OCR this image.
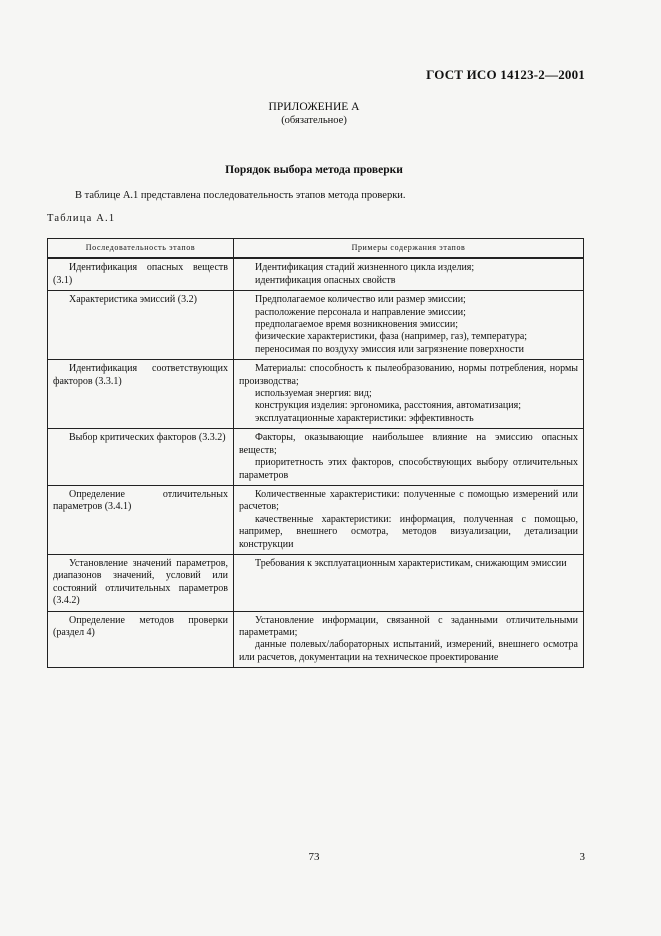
ГОСТ ИСО 14123-2—2001
ПРИЛОЖЕНИЕ А
(обязательное)
Порядок выбора метода проверки
В таблице А.1 представлена последовательность этапов метода проверки.
Таблица А.1
Последовательность этапов	Примеры содержания этапов
Идентификация опасных веществ (3.1)	Идентификация стадий жизненного цикла изделия;
идентификация опасных свойств

Характеристика эмиссий (3.2)	Предполагаемое количество или размер эмиссии;
расположение персонала и направление эмиссии;
предполагаемое время возникновения эмиссии;
физические характеристики, фаза (например, газ), температура;
переносимая по воздуху эмиссия или загрязнение поверхности

Идентификация соответствующих факторов (3.3.1)	Материалы: способность к пылеобразованию, нормы потребления, нормы производства;
используемая энергия: вид;
конструкция изделия: эргономика, расстояния, автоматизация;
эксплуатационные характеристики: эффективность

Выбор критических факторов (3.3.2)	Факторы, оказывающие наибольшее влияние на эмиссию опасных веществ;
приоритетность этих факторов, способствующих выбору отличительных параметров

Определение отличительных параметров (3.4.1)	Количественные характеристики: полученные с помощью измерений или расчетов;
качественные характеристики: информация, полученная с помощью, например, внешнего осмотра, методов визуализации, детализации конструкции

Установление значений параметров, диапазонов значений, условий или состояний отличительных параметров (3.4.2)	Требования к эксплуатационным характеристикам, снижающим эмиссии

Определение методов проверки (раздел 4)	Установление информации, связанной с заданными отличительными параметрами;
данные полевых/лабораторных испытаний, измерений, внешнего осмотра или расчетов, документации на техническое проектирование
73	3
